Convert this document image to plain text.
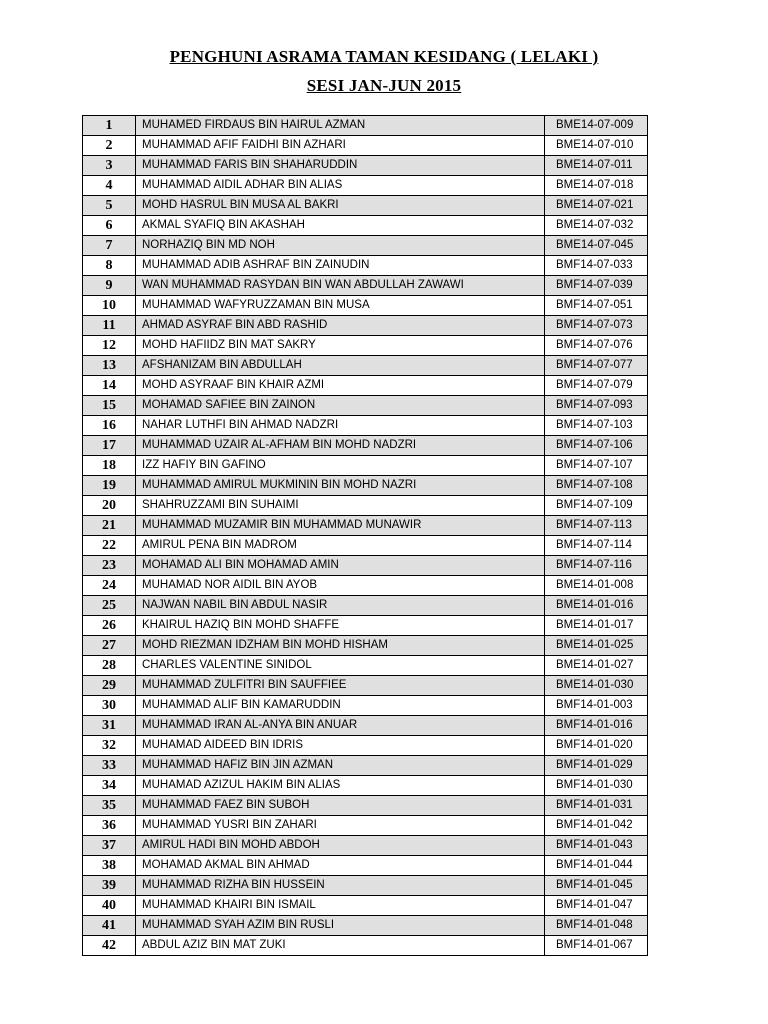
PENGHUNI ASRAMA TAMAN KESIDANG ( LELAKI )
SESI JAN-JUN 2015
1	MUHAMED FIRDAUS BIN HAIRUL AZMAN	BME14-07-009
2	MUHAMMAD AFIF FAIDHI BIN AZHARI	BME14-07-010
3	MUHAMMAD FARIS BIN SHAHARUDDIN	BME14-07-011
4	MUHAMMAD AIDIL ADHAR BIN ALIAS	BME14-07-018
5	MOHD HASRUL BIN MUSA AL BAKRI	BME14-07-021
6	AKMAL SYAFIQ BIN AKASHAH	BME14-07-032
7	NORHAZIQ BIN MD NOH	BME14-07-045
8	MUHAMMAD ADIB ASHRAF BIN ZAINUDIN	BMF14-07-033
9	WAN MUHAMMAD RASYDAN BIN WAN ABDULLAH ZAWAWI	BMF14-07-039
10	MUHAMMAD WAFYRUZZAMAN BIN MUSA	BMF14-07-051
11	AHMAD ASYRAF BIN ABD RASHID	BMF14-07-073
12	MOHD HAFIIDZ BIN MAT SAKRY	BMF14-07-076
13	AFSHANIZAM BIN ABDULLAH	BMF14-07-077
14	MOHD ASYRAAF BIN KHAIR AZMI	BMF14-07-079
15	MOHAMAD SAFIEE BIN ZAINON	BMF14-07-093
16	NAHAR LUTHFI BIN AHMAD NADZRI	BMF14-07-103
17	MUHAMMAD UZAIR AL-AFHAM BIN MOHD NADZRI	BMF14-07-106
18	IZZ HAFIY BIN GAFINO	BMF14-07-107
19	MUHAMMAD AMIRUL MUKMININ BIN MOHD NAZRI	BMF14-07-108
20	SHAHRUZZAMI BIN SUHAIMI	BMF14-07-109
21	MUHAMMAD MUZAMIR BIN MUHAMMAD MUNAWIR	BMF14-07-113
22	AMIRUL PENA BIN MADROM	BMF14-07-114
23	MOHAMAD ALI BIN MOHAMAD AMIN	BMF14-07-116
24	MUHAMAD NOR AIDIL BIN AYOB	BME14-01-008
25	NAJWAN NABIL BIN ABDUL NASIR	BME14-01-016
26	KHAIRUL HAZIQ BIN MOHD SHAFFE	BME14-01-017
27	MOHD RIEZMAN IDZHAM BIN MOHD HISHAM	BME14-01-025
28	CHARLES VALENTINE SINIDOL	BME14-01-027
29	MUHAMMAD ZULFITRI BIN SAUFFIEE	BME14-01-030
30	MUHAMMAD ALIF BIN KAMARUDDIN	BMF14-01-003
31	MUHAMMAD IRAN AL-ANYA BIN ANUAR	BMF14-01-016
32	MUHAMAD AIDEED BIN IDRIS	BMF14-01-020
33	MUHAMMAD HAFIZ BIN JIN AZMAN	BMF14-01-029
34	MUHAMAD AZIZUL HAKIM BIN ALIAS	BMF14-01-030
35	MUHAMMAD FAEZ BIN SUBOH	BMF14-01-031
36	MUHAMMAD YUSRI BIN ZAHARI	BMF14-01-042
37	AMIRUL HADI BIN MOHD ABDOH	BMF14-01-043
38	MOHAMAD AKMAL BIN AHMAD	BMF14-01-044
39	MUHAMMAD RIZHA BIN HUSSEIN	BMF14-01-045
40	MUHAMMAD KHAIRI BIN ISMAIL	BMF14-01-047
41	MUHAMMAD SYAH AZIM BIN RUSLI	BMF14-01-048
42	ABDUL AZIZ BIN MAT ZUKI	BMF14-01-067
